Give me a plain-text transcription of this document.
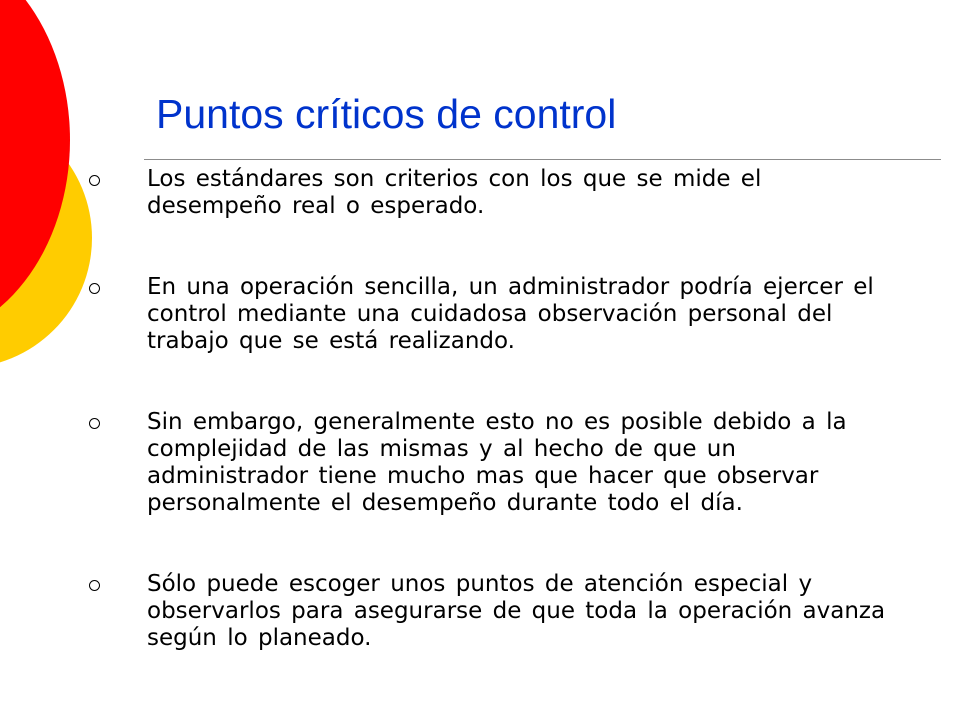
Puntos críticos de control
Los estándares son criterios con los que se mide el desempeño real o esperado.
En una operación sencilla, un administrador podría ejercer el control mediante una cuidadosa observación personal del trabajo que se está realizando.
Sin embargo, generalmente esto no es posible debido a la complejidad de las mismas y al hecho de que un administrador tiene mucho mas que hacer que observar personalmente el desempeño durante todo el día.
Sólo puede escoger unos puntos de atención especial y observarlos para asegurarse de que toda la operación avanza según lo planeado.
